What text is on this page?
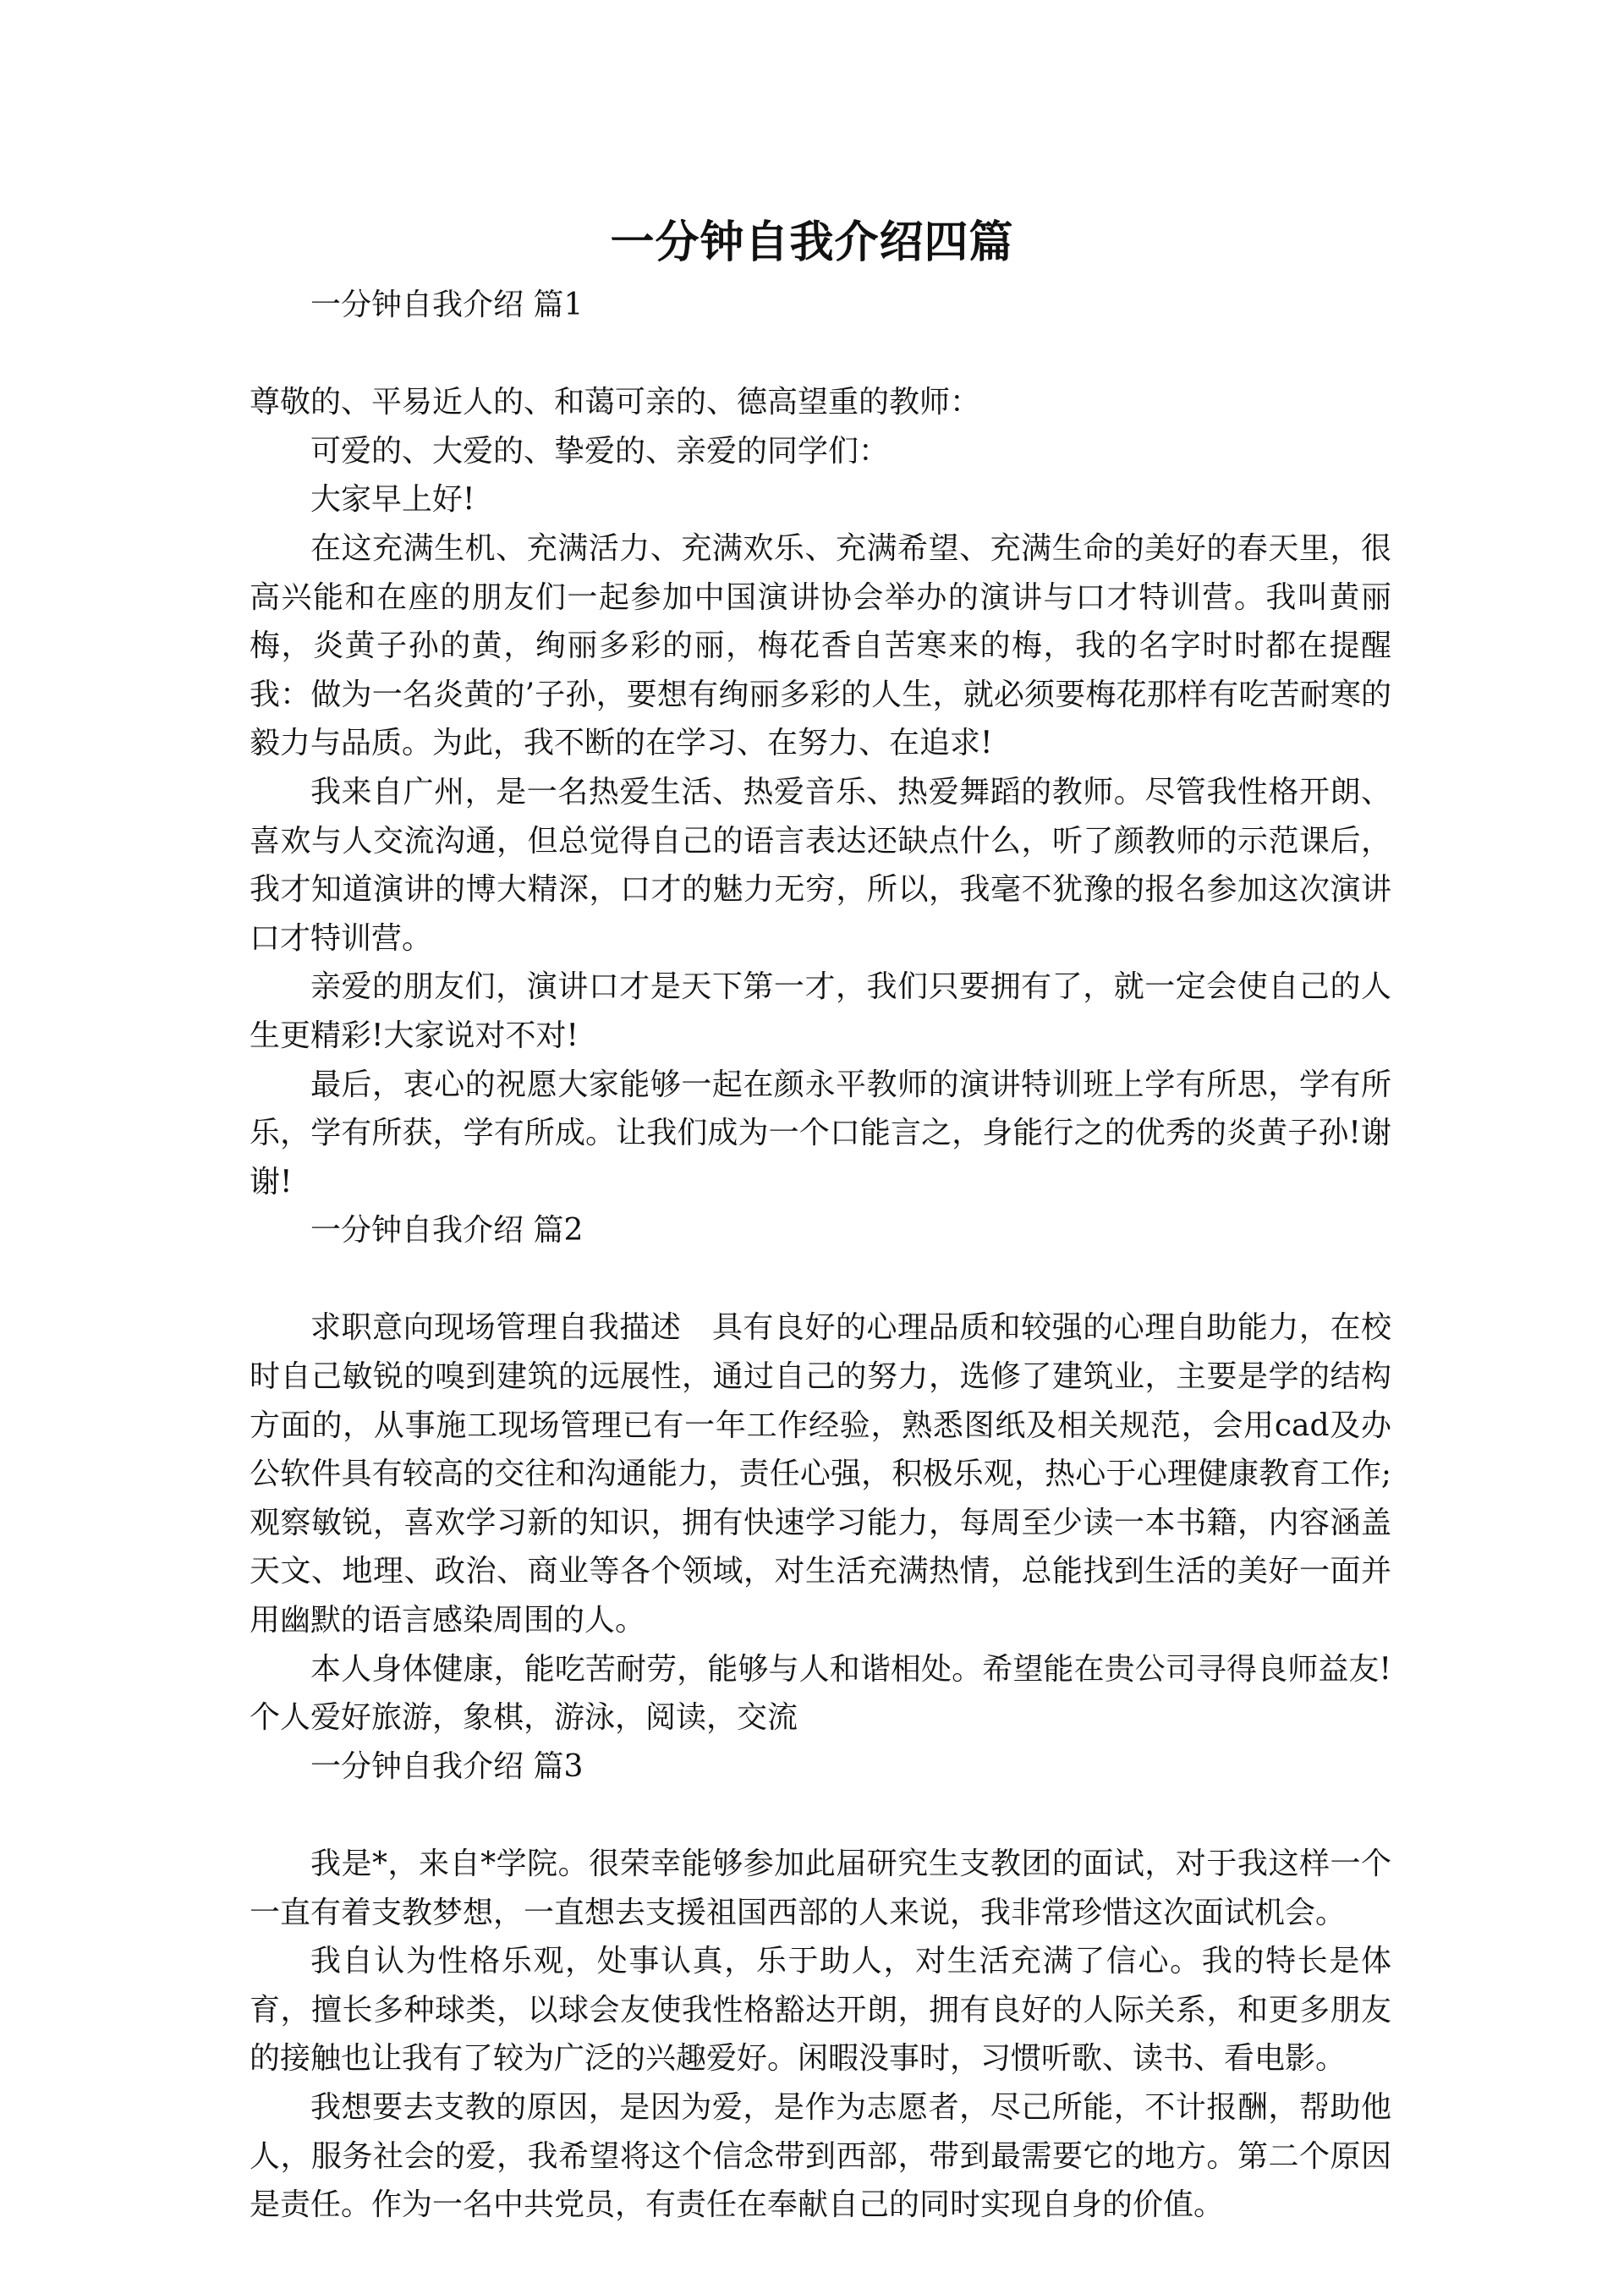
一分钟自我介绍四篇
一分钟自我介绍 篇1

尊敬的、平易近人的、和蔼可亲的、德高望重的教师：

可爱的、大爱的、挚爱的、亲爱的同学们：

大家早上好!

在这充满生机、充满活力、充满欢乐、充满希望、充满生命的美好的春天里，很高兴能和在座的朋友们一起参加中国演讲协会举办的演讲与口才特训营。我叫黄丽梅，炎黄子孙的黄，绚丽多彩的丽，梅花香自苦寒来的梅，我的名字时时都在提醒我：做为一名炎黄的’子孙，要想有绚丽多彩的人生，就必须要梅花那样有吃苦耐寒的毅力与品质。为此，我不断的在学习、在努力、在追求!

我来自广州，是一名热爱生活、热爱音乐、热爱舞蹈的教师。尽管我性格开朗、喜欢与人交流沟通，但总觉得自己的语言表达还缺点什么，听了颜教师的示范课后，我才知道演讲的博大精深，口才的魅力无穷，所以，我毫不犹豫的报名参加这次演讲口才特训营。

亲爱的朋友们，演讲口才是天下第一才，我们只要拥有了，就一定会使自己的人生更精彩!大家说对不对!

最后，衷心的祝愿大家能够一起在颜永平教师的演讲特训班上学有所思，学有所乐，学有所获，学有所成。让我们成为一个口能言之，身能行之的优秀的炎黄子孙!谢谢!

一分钟自我介绍 篇2

求职意向现场管理自我描述　具有良好的心理品质和较强的心理自助能力，在校时自己敏锐的嗅到建筑的远展性，通过自己的努力，选修了建筑业，主要是学的结构方面的，从事施工现场管理已有一年工作经验，熟悉图纸及相关规范，会用cad及办公软件具有较高的交往和沟通能力，责任心强，积极乐观，热心于心理健康教育工作;观察敏锐，喜欢学习新的知识，拥有快速学习能力，每周至少读一本书籍，内容涵盖天文、地理、政治、商业等各个领域，对生活充满热情，总能找到生活的美好一面并用幽默的语言感染周围的人。

本人身体健康，能吃苦耐劳，能够与人和谐相处。希望能在贵公司寻得良师益友!个人爱好旅游，象棋，游泳，阅读，交流

一分钟自我介绍 篇3

我是*，来自*学院。很荣幸能够参加此届研究生支教团的面试，对于我这样一个一直有着支教梦想，一直想去支援祖国西部的人来说，我非常珍惜这次面试机会。

我自认为性格乐观，处事认真，乐于助人，对生活充满了信心。我的特长是体育，擅长多种球类，以球会友使我性格豁达开朗，拥有良好的人际关系，和更多朋友的接触也让我有了较为广泛的兴趣爱好。闲暇没事时，习惯听歌、读书、看电影。

我想要去支教的原因，是因为爱，是作为志愿者，尽己所能，不计报酬，帮助他人，服务社会的爱，我希望将这个信念带到西部，带到最需要它的地方。第二个原因是责任。作为一名中共党员，有责任在奉献自己的同时实现自身的价值。
